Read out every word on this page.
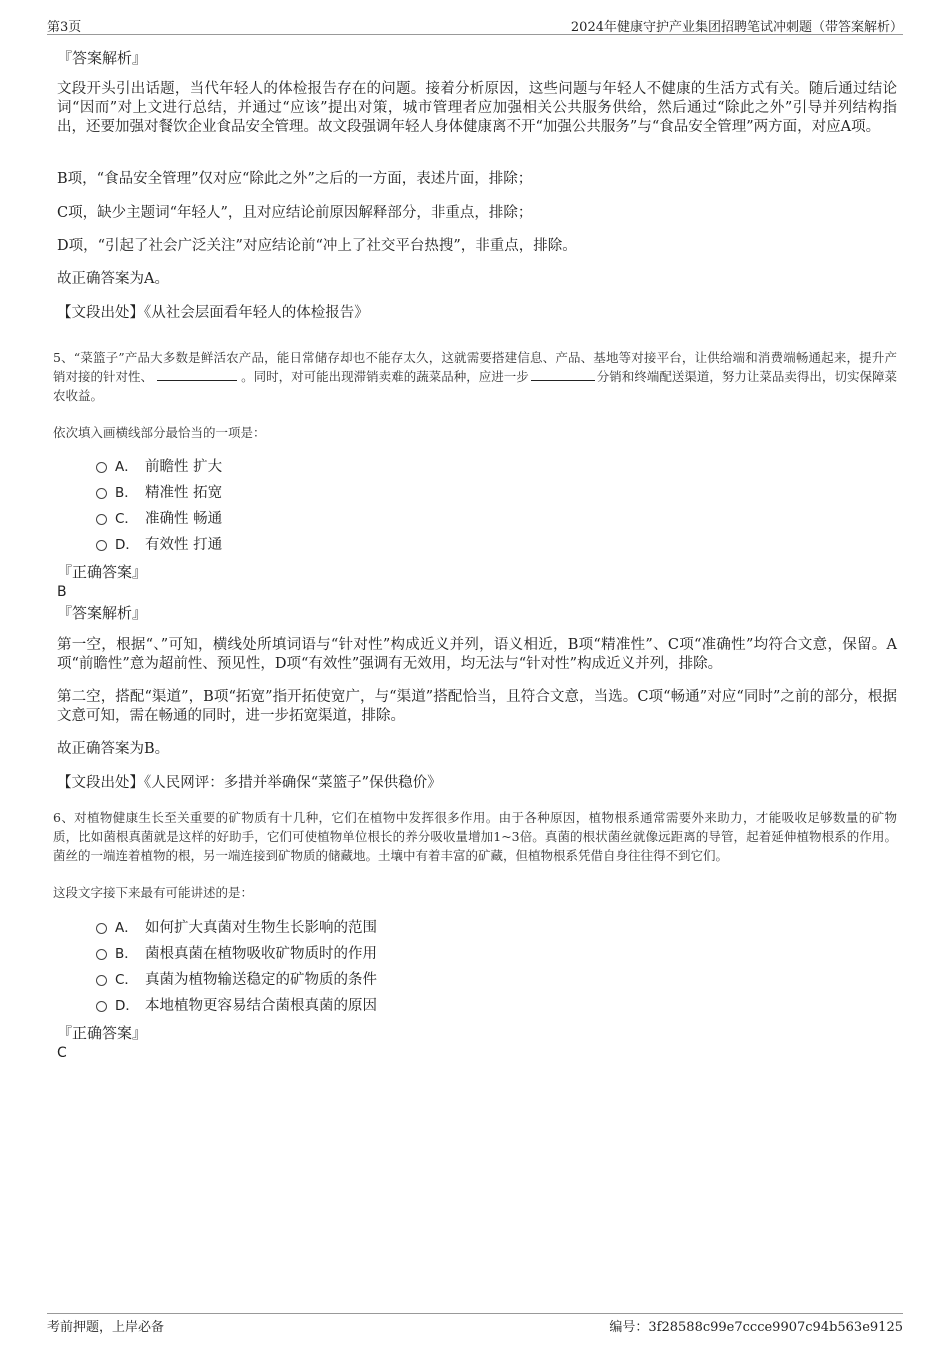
第3页	2024年健康守护产业集团招聘笔试冲刺题（带答案解析）
『答案解析』
文段开头引出话题，当代年轻人的体检报告存在的问题。接着分析原因，这些问题与年轻人不健康的生活方式有关。随后通过结论词“因而”对上文进行总结，并通过“应该”提出对策，城市管理者应加强相关公共服务供给，然后通过“除此之外”引导并列结构指出，还要加强对餐饮企业食品安全管理。故文段强调年轻人身体健康离不开“加强公共服务”与“食品安全管理”两方面，对应A项。
B项，“食品安全管理”仅对应“除此之外”之后的一方面，表述片面，排除；
C项，缺少主题词“年轻人”，且对应结论前原因解释部分，非重点，排除；
D项，“引起了社会广泛关注”对应结论前“冲上了社交平台热搜”，非重点，排除。
故正确答案为A。
【文段出处】《从社会层面看年轻人的体检报告》
5、“菜篮子”产品大多数是鲜活农产品，能日常储存却也不能存太久，这就需要搭建信息、产品、基地等对接平台，让供给端和消费端畅通起来，提升产销对接的针对性、	。同时，对可能出现滞销卖难的蔬菜品种，应进一步	分销和终端配送渠道，努力让菜品卖得出，切实保障菜农收益。
依次填入画横线部分最恰当的一项是：
A． 前瞻性 扩大
B． 精准性 拓宽
C． 准确性 畅通
D． 有效性 打通
『正确答案』
B
『答案解析』
第一空，根据“、”可知，横线处所填词语与“针对性”构成近义并列，语义相近，B项“精准性”、C项“准确性”均符合文意，保留。A项“前瞻性”意为超前性、预见性，D项“有效性”强调有无效用，均无法与“针对性”构成近义并列，排除。
第二空，搭配“渠道”，B项“拓宽”指开拓使宽广，与“渠道”搭配恰当，且符合文意，当选。C项“畅通”对应“同时”之前的部分，根据文意可知，需在畅通的同时，进一步拓宽渠道，排除。
故正确答案为B。
【文段出处】《人民网评：多措并举确保“菜篮子”保供稳价》
6、对植物健康生长至关重要的矿物质有十几种，它们在植物中发挥很多作用。由于各种原因，植物根系通常需要外来助力，才能吸收足够数量的矿物质，比如菌根真菌就是这样的好助手，它们可使植物单位根长的养分吸收量增加1~3倍。真菌的根状菌丝就像远距离的导管，起着延伸植物根系的作用。菌丝的一端连着植物的根，另一端连接到矿物质的储藏地。土壤中有着丰富的矿藏，但植物根系凭借自身往往得不到它们。
这段文字接下来最有可能讲述的是：
A． 如何扩大真菌对生物生长影响的范围
B． 菌根真菌在植物吸收矿物质时的作用
C． 真菌为植物输送稳定的矿物质的条件
D． 本地植物更容易结合菌根真菌的原因
『正确答案』
C
考前押题，上岸必备	编号：3f28588c99e7ccce9907c94b563e9125
